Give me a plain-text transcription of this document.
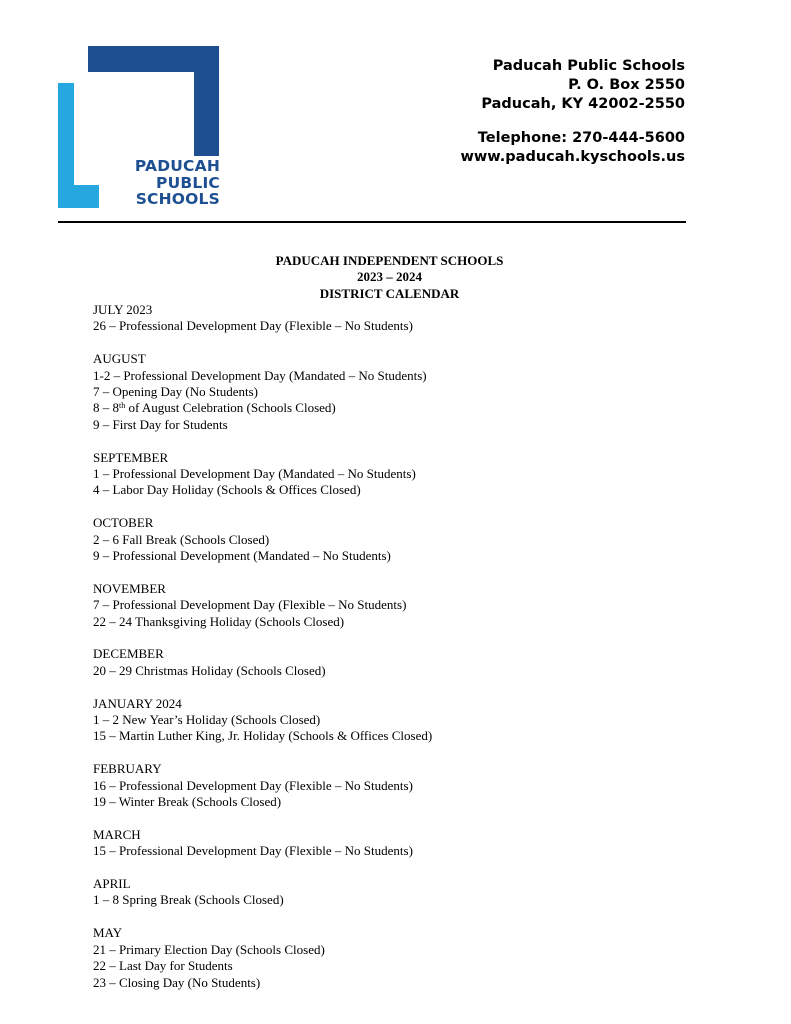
PADUCAH
PUBLIC
SCHOOLS
Paducah Public Schools
P. O. Box 2550
Paducah, KY 42002-2550
Telephone: 270-444-5600
www.paducah.kyschools.us
PADUCAH INDEPENDENT SCHOOLS
2023 – 2024
DISTRICT CALENDAR
JULY 2023
26 – Professional Development Day (Flexible – No Students)
AUGUST
1-2 – Professional Development Day (Mandated – No Students)
7 – Opening Day (No Students)
8 – 8th of August Celebration (Schools Closed)
9 – First Day for Students
SEPTEMBER
1 – Professional Development Day (Mandated – No Students)
4 – Labor Day Holiday (Schools & Offices Closed)
OCTOBER
2 – 6 Fall Break (Schools Closed)
9 – Professional Development (Mandated – No Students)
NOVEMBER
7 – Professional Development Day (Flexible – No Students)
22 – 24 Thanksgiving Holiday (Schools Closed)
DECEMBER
20 – 29 Christmas Holiday (Schools Closed)
JANUARY 2024
1 – 2 New Year’s Holiday (Schools Closed)
15 – Martin Luther King, Jr. Holiday (Schools & Offices Closed)
FEBRUARY
16 – Professional Development Day (Flexible – No Students)
19 – Winter Break (Schools Closed)
MARCH
15 – Professional Development Day (Flexible – No Students)
APRIL
1 – 8 Spring Break (Schools Closed)
MAY
21 – Primary Election Day (Schools Closed)
22 – Last Day for Students
23 – Closing Day (No Students)
